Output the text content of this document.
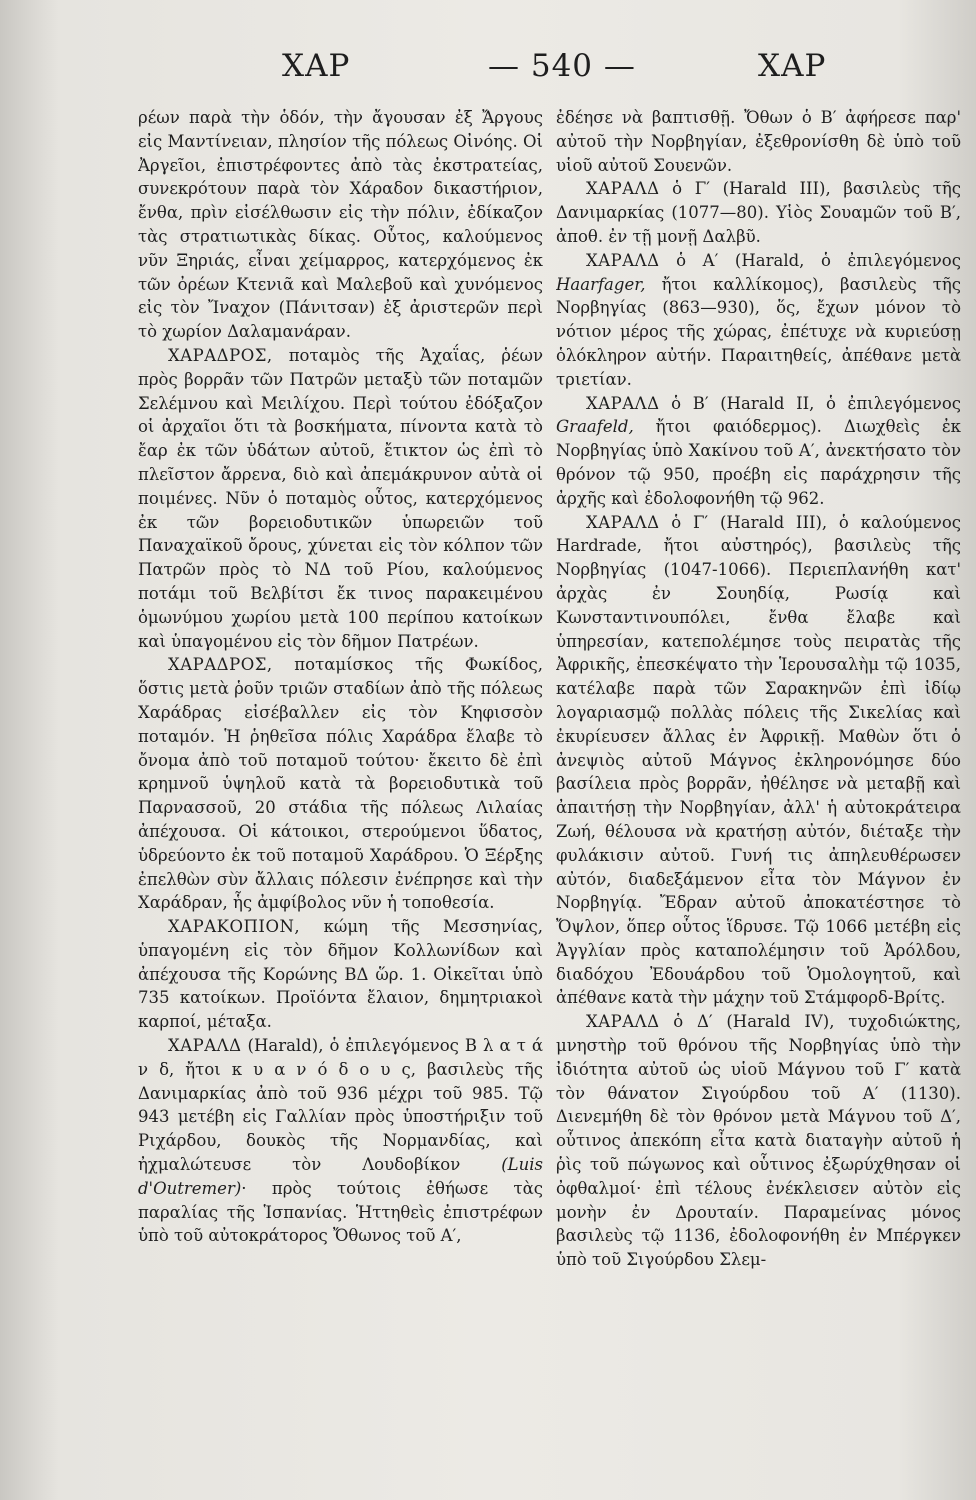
ΧΑΡ	— 540 —	ΧΑΡ

ρέων παρὰ τὴν ὁδόν, τὴν ἄγουσαν ἐξ Ἄργους εἰς Μαντίνειαν, πλησίον τῆς πόλεως Οἰνόης. Οἱ Ἀργεῖοι, ἐπιστρέφοντες ἀπὸ τὰς ἐκστρατείας, συνεκρότουν παρὰ τὸν Χάραδον δικαστήριον, ἔνθα, πρὶν εἰσέλθωσιν εἰς τὴν πόλιν, ἐδίκαζον τὰς στρατιωτικὰς δίκας. Οὗτος, καλούμενος νῦν Ξηριάς, εἶναι χείμαρρος, κατερχόμενος ἐκ τῶν ὀρέων Κτενιᾶ καὶ Μαλεβοῦ καὶ χυνόμενος εἰς τὸν Ἴναχον (Πάνιτσαν) ἐξ ἀριστερῶν περὶ τὸ χωρίον Δαλαμανάραν.

ΧΑΡΑΔΡΟΣ, ποταμὸς τῆς Ἀχαΐας, ῥέων πρὸς βορρᾶν τῶν Πατρῶν μεταξὺ τῶν ποταμῶν Σελέμνου καὶ Μειλίχου. Περὶ τούτου ἐδόξαζον οἱ ἀρχαῖοι ὅτι τὰ βοσκήματα, πίνοντα κατὰ τὸ ἔαρ ἐκ τῶν ὑδάτων αὐτοῦ, ἔτικτον ὡς ἐπὶ τὸ πλεῖστον ἄρρενα, διὸ καὶ ἀπεμάκρυνον αὐτὰ οἱ ποιμένες. Νῦν ὁ ποταμὸς οὗτος, κατερχόμενος ἐκ τῶν βορειοδυτικῶν ὑπωρειῶν τοῦ Παναχαϊκοῦ ὄρους, χύνεται εἰς τὸν κόλπον τῶν Πατρῶν πρὸς τὸ ΝΔ τοῦ Ρίου, καλούμενος ποτάμι τοῦ Βελβίτσι ἔκ τινος παρακειμένου ὁμωνύμου χωρίου μετὰ 100 περίπου κατοίκων καὶ ὑπαγομένου εἰς τὸν δῆμον Πατρέων.

ΧΑΡΑΔΡΟΣ, ποταμίσκος τῆς Φωκίδος, ὅστις μετὰ ῥοῦν τριῶν σταδίων ἀπὸ τῆς πόλεως Χαράδρας εἰσέβαλλεν εἰς τὸν Κηφισσὸν ποταμόν. Ἡ ῥηθεῖσα πόλις Χαράδρα ἔλαβε τὸ ὄνομα ἀπὸ τοῦ ποταμοῦ τούτου· ἔκειτο δὲ ἐπὶ κρημνοῦ ὑψηλοῦ κατὰ τὰ βορειοδυτικὰ τοῦ Παρνασσοῦ, 20 στάδια τῆς πόλεως Λιλαίας ἀπέχουσα. Οἱ κάτοικοι, στερούμενοι ὕδατος, ὑδρεύοντο ἐκ τοῦ ποταμοῦ Χαράδρου. Ὁ Ξέρξης ἐπελθὼν σὺν ἄλλαις πόλεσιν ἐνέπρησε καὶ τὴν Χαράδραν, ἧς ἀμφίβολος νῦν ἡ τοποθεσία.

ΧΑΡΑΚΟΠΙΟΝ, κώμη τῆς Μεσσηνίας, ὑπαγομένη εἰς τὸν δῆμον Κολλωνίδων καὶ ἀπέχουσα τῆς Κορώνης ΒΔ ὥρ. 1. Οἰκεῖται ὑπὸ 735 κατοίκων. Προϊόντα ἔλαιον, δημητριακοὶ καρποί, μέταξα.

ΧΑΡΑΛΔ (Harald), ὁ ἐπιλεγόμενος Β λ α τ ά ν δ, ἤτοι κ υ α ν ό δ ο υ ς, βασιλεὺς τῆς Δανιμαρκίας ἀπὸ τοῦ 936 μέχρι τοῦ 985. Τῷ 943 μετέβη εἰς Γαλλίαν πρὸς ὑποστήριξιν τοῦ Ριχάρδου, δουκὸς τῆς Νορμανδίας, καὶ ἠχμαλώτευσε τὸν Λουδοβίκον (Luis d'Outremer)· πρὸς τούτοις ἐθήωσε τὰς παραλίας τῆς Ἱσπανίας. Ἡττηθεὶς ἐπιστρέφων ὑπὸ τοῦ αὐτοκράτορος Ὄθωνος τοῦ Α′,

ἐδέησε νὰ βαπτισθῇ. Ὄθων ὁ Β′ ἀφήρεσε παρ' αὐτοῦ τὴν Νορβηγίαν, ἐξεθρονίσθη δὲ ὑπὸ τοῦ υἱοῦ αὐτοῦ Σουενῶν.

ΧΑΡΑΛΔ ὁ Γ′ (Harald III), βασιλεὺς τῆς Δανιμαρκίας (1077—80). Υἱὸς Σουαμῶν τοῦ Β′, ἀποθ. ἐν τῇ μονῇ Δαλβῦ.

ΧΑΡΑΛΔ ὁ Α′ (Harald, ὁ ἐπιλεγόμενος Haarfager, ἤτοι καλλίκομος), βασιλεὺς τῆς Νορβηγίας (863—930), ὅς, ἔχων μόνον τὸ νότιον μέρος τῆς χώρας, ἐπέτυχε νὰ κυριεύσῃ ὁλόκληρον αὐτήν. Παραιτηθείς, ἀπέθανε μετὰ τριετίαν.

ΧΑΡΑΛΔ ὁ Β′ (Harald II, ὁ ἐπιλεγόμενος Graafeld, ἤτοι φαιόδερμος). Διωχθεὶς ἐκ Νορβηγίας ὑπὸ Χακίνου τοῦ Α′, ἀνεκτήσατο τὸν θρόνον τῷ 950, προέβη εἰς παράχρησιν τῆς ἀρχῆς καὶ ἐδολοφονήθη τῷ 962.

ΧΑΡΑΛΔ ὁ Γ′ (Harald III), ὁ καλούμενος Hardrade, ἤτοι αὐστηρός), βασιλεὺς τῆς Νορβηγίας (1047-1066). Περιεπλανήθη κατ' ἀρχὰς ἐν Σουηδίᾳ, Ρωσίᾳ καὶ Κωνσταντινουπόλει, ἔνθα ἔλαβε καὶ ὑπηρεσίαν, κατεπολέμησε τοὺς πειρατὰς τῆς Ἀφρικῆς, ἐπεσκέψατο τὴν Ἱερουσαλὴμ τῷ 1035, κατέλαβε παρὰ τῶν Σαρακηνῶν ἐπὶ ἰδίῳ λογαριασμῷ πολλὰς πόλεις τῆς Σικελίας καὶ ἐκυρίευσεν ἄλλας ἐν Ἀφρικῇ. Μαθὼν ὅτι ὁ ἀνεψιὸς αὐτοῦ Μάγνος ἐκληρονόμησε δύο βασίλεια πρὸς βορρᾶν, ἠθέλησε νὰ μεταβῇ καὶ ἀπαιτήσῃ τὴν Νορβηγίαν, ἀλλ' ἡ αὐτοκράτειρα Ζωή, θέλουσα νὰ κρατήσῃ αὐτόν, διέταξε τὴν φυλάκισιν αὐτοῦ. Γυνή τις ἀπηλευθέρωσεν αὐτόν, διαδεξάμενον εἶτα τὸν Μάγνον ἐν Νορβηγίᾳ. Ἔδραν αὐτοῦ ἀποκατέστησε τὸ Ὄψλον, ὅπερ οὗτος ἵδρυσε. Τῷ 1066 μετέβη εἰς Ἀγγλίαν πρὸς καταπολέμησιν τοῦ Ἀρόλδου, διαδόχου Ἐδουάρδου τοῦ Ὁμολογητοῦ, καὶ ἀπέθανε κατὰ τὴν μάχην τοῦ Στάμφορδ-Βρίτς.

ΧΑΡΑΛΔ ὁ Δ′ (Harald IV), τυχοδιώκτης, μνηστὴρ τοῦ θρόνου τῆς Νορβηγίας ὑπὸ τὴν ἰδιότητα αὐτοῦ ὡς υἱοῦ Μάγνου τοῦ Γ′ κατὰ τὸν θάνατον Σιγούρδου τοῦ Α′ (1130). Διενεμήθη δὲ τὸν θρόνον μετὰ Μάγνου τοῦ Δ′, οὗτινος ἀπεκόπη εἶτα κατὰ διαταγὴν αὐτοῦ ἡ ῥὶς τοῦ πώγωνος καὶ οὗτινος ἐξωρύχθησαν οἱ ὀφθαλμοί· ἐπὶ τέλους ἐνέκλεισεν αὐτὸν εἰς μονὴν ἐν Δρουταίν. Παραμείνας μόνος βασιλεὺς τῷ 1136, ἐδολοφονήθη ἐν Μπέργκεν ὑπὸ τοῦ Σιγούρδου Σλεμ-
